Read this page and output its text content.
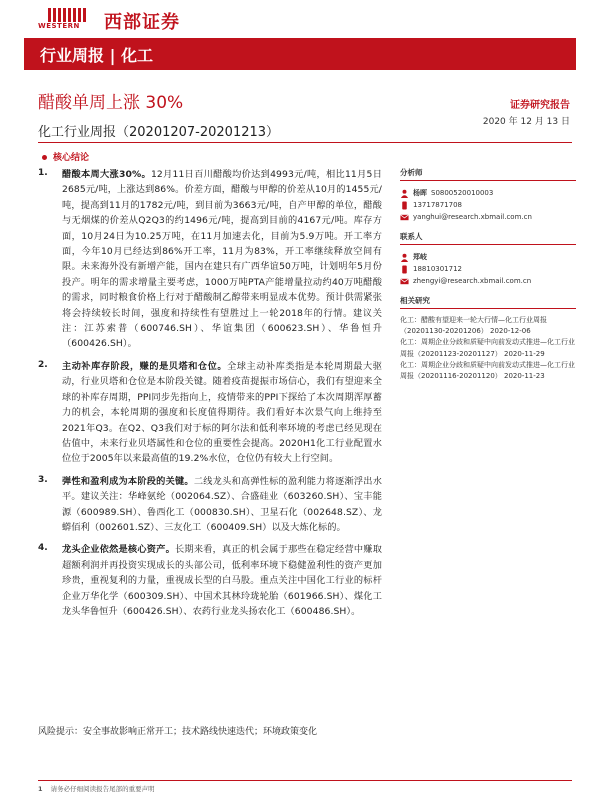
WESTERN 西部证券
行业周报 | 化工
醋酸单周上涨 30%	证券研究报告
2020 年 12 月 13 日
化工行业周报（20201207-20201213）
核心结论
1.	醋酸本周大涨30%。12月11日百川醋酸均价达到4993元/吨，相比11月5日2685元/吨，上涨达到86%。价差方面，醋酸与甲醇的价差从10月的1455元/吨，提高到11月的1782元/吨，到目前为3663元/吨，自产甲醇的单位，醋酸与无烟煤的价差从Q2Q3的约1496元/吨，提高到目前的4167元/吨。库存方面，10月24日为10.25万吨，在11月加速去化，目前为5.9万吨。开工率方面，今年10月已经达到86%开工率，11月为83%，开工率继续释放空间有限。未来海外没有新增产能，国内在建只有广西华谊50万吨，计划明年5月份投产。明年的需求增量主要考虑，1000万吨PTA产能增量拉动约40万吨醋酸的需求，同时粮食价格上行对于醋酸制乙醇带来明显成本优势。预计供需紧张将会持续较长时间，强度和持续性有望胜过上一轮2018年的行情。建议关注：江苏索普（600746.SH）、华谊集团（600623.SH）、华鲁恒升（600426.SH）。
2.	主动补库存阶段，赚的是贝塔和仓位。全球主动补库类指是本轮周期最大驱动，行业贝塔和仓位是本阶段关键。随着疫苗提振市场信心，我们有望迎来全球的补库存周期，PPI同步先指向上，疫情带来的PPI下探给了本次周期浑厚蓄力的机会，本轮周期的强度和长度值得期待。我们看好本次景气向上维持至2021年Q3。在Q2、Q3我们对于标的阿尔法和低利率环境的考虑已经见现在估值中，未来行业贝塔属性和仓位的重要性会提高。2020H1化工行业配置水位位于2005年以来最高值的19.2%水位，仓位仍有较大上行空间。
3.	弹性和盈利成为本阶段的关键。二线龙头和高弹性标的盈利能力将逐渐浮出水平。建议关注：华峰氨纶（002064.SZ）、合盛硅业（603260.SH）、宝丰能源（600989.SH）、鲁西化工（000830.SH）、卫星石化（002648.SZ）、龙蟒佰利（002601.SZ）、三友化工（600409.SH）以及大炼化标的。
4.	龙头企业依然是核心资产。长期来看，真正的机会属于那些在稳定经营中赚取超额利润并再投资实现成长的头部公司，低利率环境下稳健盈利性的资产更加珍贵，重视复利的力量，重视成长型的白马股。重点关注中国化工行业的标杆企业万华化学（600309.SH）、中国术其林玲珑轮胎（601966.SH）、煤化工龙头华鲁恒升（600426.SH）、农药行业龙头扬农化工（600486.SH）。
风险提示：安全事故影响正常开工；技术路线快速迭代；环境政策变化
分析师
杨晖 S0800520010003
13717871708
yanghui@research.xbmail.com.cn
联系人
郑岐
18810301712
zhengyi@research.xbmail.com.cn
相关研究
化工：醋酸有望迎来一轮大行情—化工行业周报（20201130-20201206） 2020-12-06
化工：周期企业分歧和质疑中向前发动式推进—化工行业周报（20201123-20201127） 2020-11-29
化工：周期企业分歧和质疑中向前发动式推进—化工行业周报（20201116-20201120） 2020-11-23
1 请务必仔细阅读报告尾部的重要声明
